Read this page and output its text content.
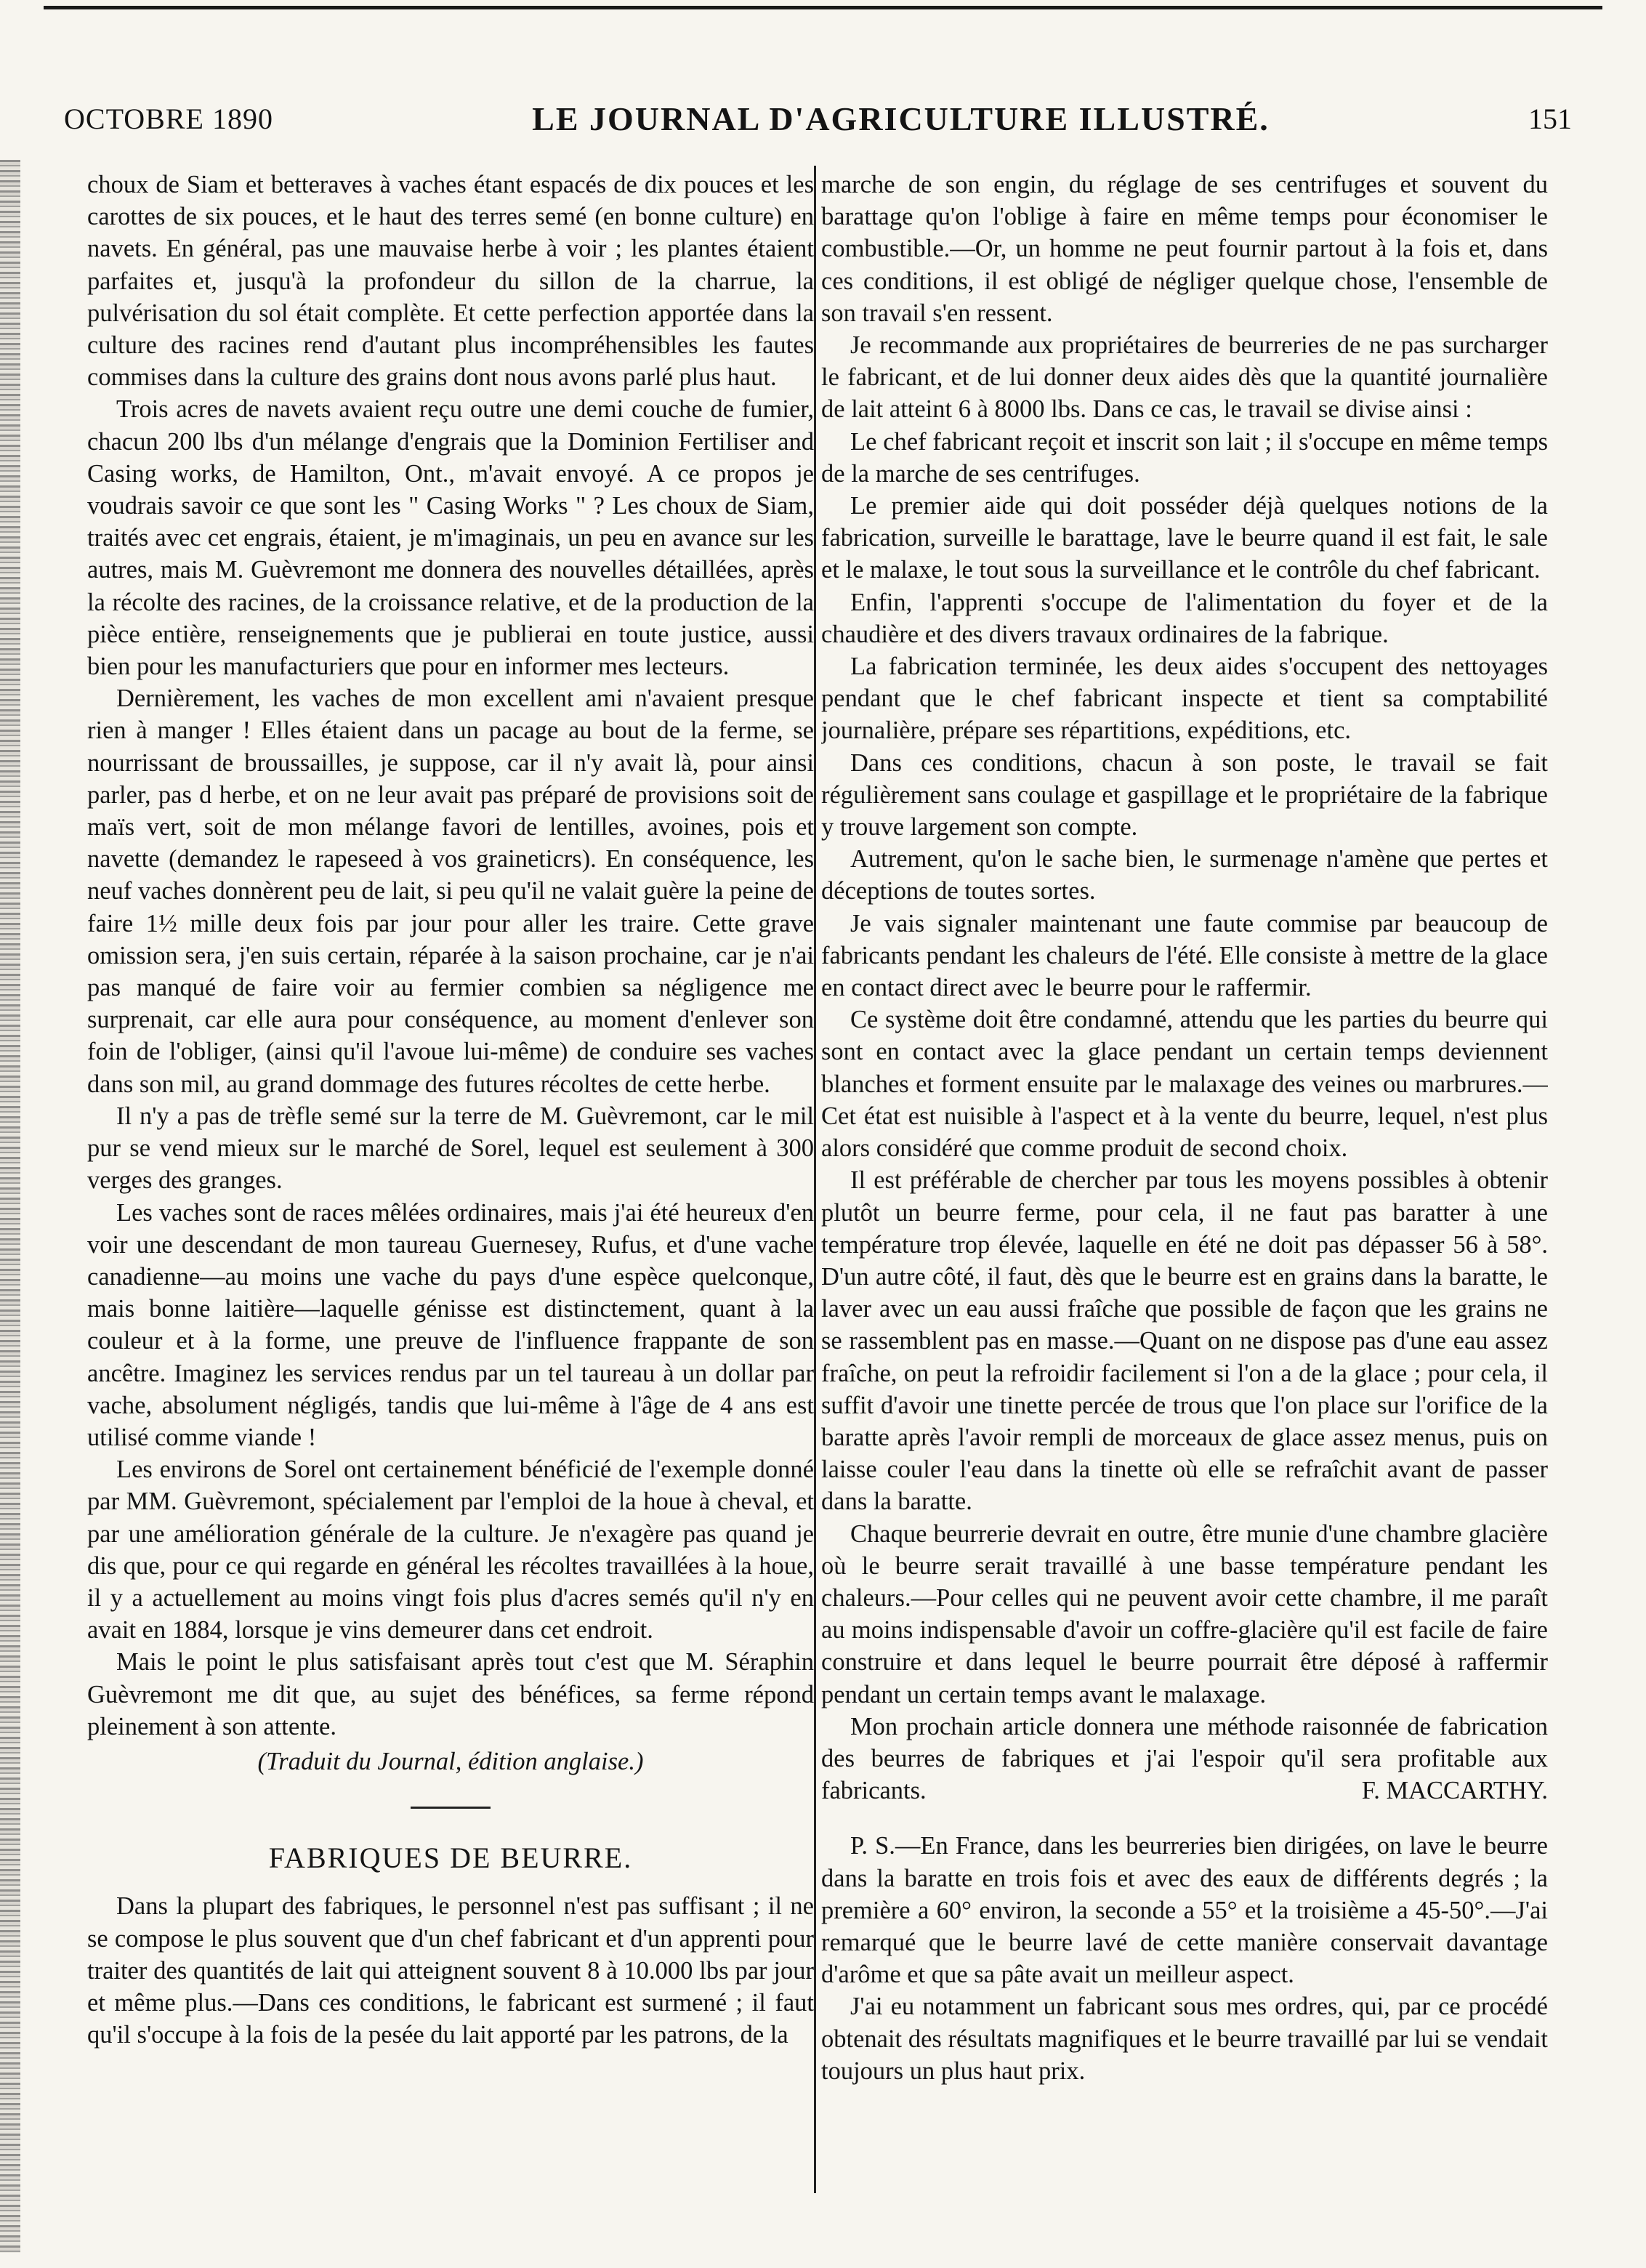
OCTOBRE 1890	LE JOURNAL D'AGRICULTURE ILLUSTRÉ.	151

choux de Siam et betteraves à vaches étant espacés de dix pouces et les carottes de six pouces, et le haut des terres semé (en bonne culture) en navets. En général, pas une mauvaise herbe à voir ; les plantes étaient parfaites et, jusqu'à la profondeur du sillon de la charrue, la pulvérisation du sol était complète. Et cette perfection apportée dans la culture des racines rend d'autant plus incompréhensibles les fautes commises dans la culture des grains dont nous avons parlé plus haut.

Trois acres de navets avaient reçu outre une demi couche de fumier, chacun 200 lbs d'un mélange d'engrais que la Dominion Fertiliser and Casing works, de Hamilton, Ont., m'avait envoyé. A ce propos je voudrais savoir ce que sont les " Casing Works " ? Les choux de Siam, traités avec cet engrais, étaient, je m'imaginais, un peu en avance sur les autres, mais M. Guèvremont me donnera des nouvelles détaillées, après la récolte des racines, de la croissance relative, et de la production de la pièce entière, renseignements que je publierai en toute justice, aussi bien pour les manufacturiers que pour en informer mes lecteurs.

Dernièrement, les vaches de mon excellent ami n'avaient presque rien à manger ! Elles étaient dans un pacage au bout de la ferme, se nourrissant de broussailles, je suppose, car il n'y avait là, pour ainsi parler, pas d herbe, et on ne leur avait pas préparé de provisions soit de maïs vert, soit de mon mélange favori de lentilles, avoines, pois et navette (demandez le rapeseed à vos graineticrs). En conséquence, les neuf vaches donnèrent peu de lait, si peu qu'il ne valait guère la peine de faire 1½ mille deux fois par jour pour aller les traire. Cette grave omission sera, j'en suis certain, réparée à la saison prochaine, car je n'ai pas manqué de faire voir au fermier combien sa négligence me surprenait, car elle aura pour conséquence, au moment d'enlever son foin de l'obliger, (ainsi qu'il l'avoue lui-même) de conduire ses vaches dans son mil, au grand dommage des futures récoltes de cette herbe.

Il n'y a pas de trèfle semé sur la terre de M. Guèvremont, car le mil pur se vend mieux sur le marché de Sorel, lequel est seulement à 300 verges des granges.

Les vaches sont de races mêlées ordinaires, mais j'ai été heureux d'en voir une descendant de mon taureau Guernesey, Rufus, et d'une vache canadienne—au moins une vache du pays d'une espèce quelconque, mais bonne laitière—laquelle génisse est distinctement, quant à la couleur et à la forme, une preuve de l'influence frappante de son ancêtre. Imaginez les services rendus par un tel taureau à un dollar par vache, absolument négligés, tandis que lui-même à l'âge de 4 ans est utilisé comme viande !

Les environs de Sorel ont certainement bénéficié de l'exemple donné par MM. Guèvremont, spécialement par l'emploi de la houe à cheval, et par une amélioration générale de la culture. Je n'exagère pas quand je dis que, pour ce qui regarde en général les récoltes travaillées à la houe, il y a actuellement au moins vingt fois plus d'acres semés qu'il n'y en avait en 1884, lorsque je vins demeurer dans cet endroit.

Mais le point le plus satisfaisant après tout c'est que M. Séraphin Guèvremont me dit que, au sujet des bénéfices, sa ferme répond pleinement à son attente.

(Traduit du Journal, édition anglaise.)

FABRIQUES DE BEURRE.

Dans la plupart des fabriques, le personnel n'est pas suffisant ; il ne se compose le plus souvent que d'un chef fabricant et d'un apprenti pour traiter des quantités de lait qui atteignent souvent 8 à 10.000 lbs par jour et même plus.—Dans ces conditions, le fabricant est surmené ; il faut qu'il s'occupe à la fois de la pesée du lait apporté par les patrons, de la

marche de son engin, du réglage de ses centrifuges et souvent du barattage qu'on l'oblige à faire en même temps pour économiser le combustible.—Or, un homme ne peut fournir partout à la fois et, dans ces conditions, il est obligé de négliger quelque chose, l'ensemble de son travail s'en ressent.

Je recommande aux propriétaires de beurreries de ne pas surcharger le fabricant, et de lui donner deux aides dès que la quantité journalière de lait atteint 6 à 8000 lbs. Dans ce cas, le travail se divise ainsi :

Le chef fabricant reçoit et inscrit son lait ; il s'occupe en même temps de la marche de ses centrifuges.

Le premier aide qui doit posséder déjà quelques notions de la fabrication, surveille le barattage, lave le beurre quand il est fait, le sale et le malaxe, le tout sous la surveillance et le contrôle du chef fabricant.

Enfin, l'apprenti s'occupe de l'alimentation du foyer et de la chaudière et des divers travaux ordinaires de la fabrique.

La fabrication terminée, les deux aides s'occupent des nettoyages pendant que le chef fabricant inspecte et tient sa comptabilité journalière, prépare ses répartitions, expéditions, etc.

Dans ces conditions, chacun à son poste, le travail se fait régulièrement sans coulage et gaspillage et le propriétaire de la fabrique y trouve largement son compte.

Autrement, qu'on le sache bien, le surmenage n'amène que pertes et déceptions de toutes sortes.

Je vais signaler maintenant une faute commise par beaucoup de fabricants pendant les chaleurs de l'été. Elle consiste à mettre de la glace en contact direct avec le beurre pour le raffermir.

Ce système doit être condamné, attendu que les parties du beurre qui sont en contact avec la glace pendant un certain temps deviennent blanches et forment ensuite par le malaxage des veines ou marbrures.—Cet état est nuisible à l'aspect et à la vente du beurre, lequel, n'est plus alors considéré que comme produit de second choix.

Il est préférable de chercher par tous les moyens possibles à obtenir plutôt un beurre ferme, pour cela, il ne faut pas baratter à une température trop élevée, laquelle en été ne doit pas dépasser 56 à 58°. D'un autre côté, il faut, dès que le beurre est en grains dans la baratte, le laver avec un eau aussi fraîche que possible de façon que les grains ne se rassemblent pas en masse.—Quant on ne dispose pas d'une eau assez fraîche, on peut la refroidir facilement si l'on a de la glace ; pour cela, il suffit d'avoir une tinette percée de trous que l'on place sur l'orifice de la baratte après l'avoir rempli de morceaux de glace assez menus, puis on laisse couler l'eau dans la tinette où elle se refraîchit avant de passer dans la baratte.

Chaque beurrerie devrait en outre, être munie d'une chambre glacière où le beurre serait travaillé à une basse température pendant les chaleurs.—Pour celles qui ne peuvent avoir cette chambre, il me paraît au moins indispensable d'avoir un coffre-glacière qu'il est facile de faire construire et dans lequel le beurre pourrait être déposé à raffermir pendant un certain temps avant le malaxage.

Mon prochain article donnera une méthode raisonnée de fabrication des beurres de fabriques et j'ai l'espoir qu'il sera profitable aux fabricants.	F. MACCARTHY.

P. S.—En France, dans les beurreries bien dirigées, on lave le beurre dans la baratte en trois fois et avec des eaux de différents degrés ; la première a 60° environ, la seconde a 55° et la troisième a 45-50°.—J'ai remarqué que le beurre lavé de cette manière conservait davantage d'arôme et que sa pâte avait un meilleur aspect.

J'ai eu notamment un fabricant sous mes ordres, qui, par ce procédé obtenait des résultats magnifiques et le beurre travaillé par lui se vendait toujours un plus haut prix.
